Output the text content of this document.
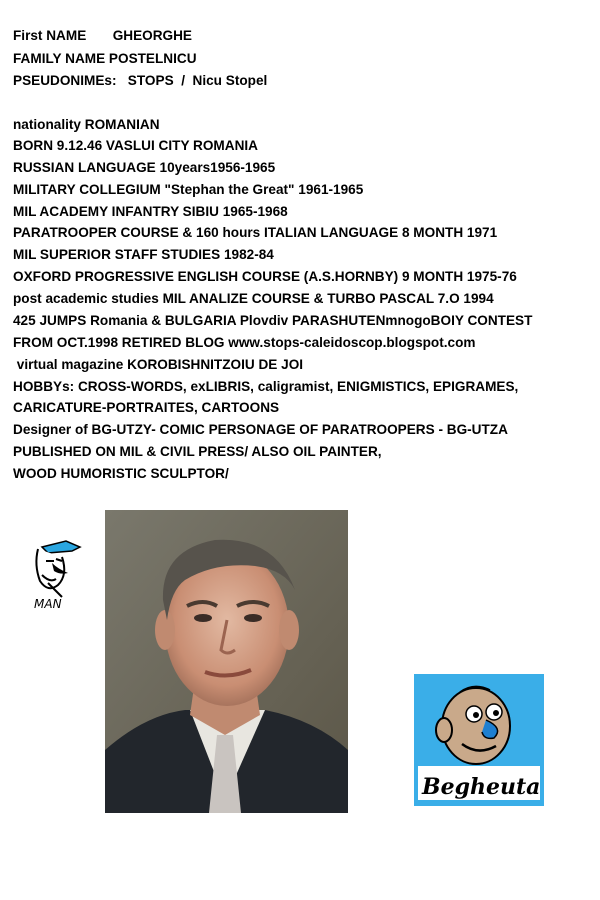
First NAME       GHEORGHE
FAMILY NAME POSTELNICU
PSEUDONIMEs:   STOPS  /  Nicu Stopel
nationality ROMANIAN
BORN 9.12.46 VASLUI CITY ROMANIA
RUSSIAN LANGUAGE 10years1956-1965
MILITARY COLLEGIUM "Stephan the Great" 1961-1965
MIL ACADEMY INFANTRY SIBIU 1965-1968
PARATROOPER COURSE & 160 hours ITALIAN LANGUAGE 8 MONTH 1971
MIL SUPERIOR STAFF STUDIES 1982-84
OXFORD PROGRESSIVE ENGLISH COURSE (A.S.HORNBY) 9 MONTH 1975-76
post academic studies MIL ANALIZE COURSE & TURBO PASCAL 7.O 1994
425 JUMPS Romania & BULGARIA Plovdiv PARASHUTENmnogoBOIY CONTEST
FROM OCT.1998 RETIRED BLOG www.stops-caleidoscop.blogspot.com
virtual magazine KOROBISHNITZOIU DE JOI
HOBBYs: CROSS-WORDS, exLIBRIS, caligramist, ENIGMISTICS, EPIGRAMES,
CARICATURE-PORTRAITES, CARTOONS
Designer of BG-UTZY- COMIC PERSONAGE OF PARATROOPERS - BG-UTZA
PUBLISHED ON MIL & CIVIL PRESS/ ALSO OIL PAINTER,
WOOD HUMORISTIC SCULPTOR/
MAN
Begheuta
